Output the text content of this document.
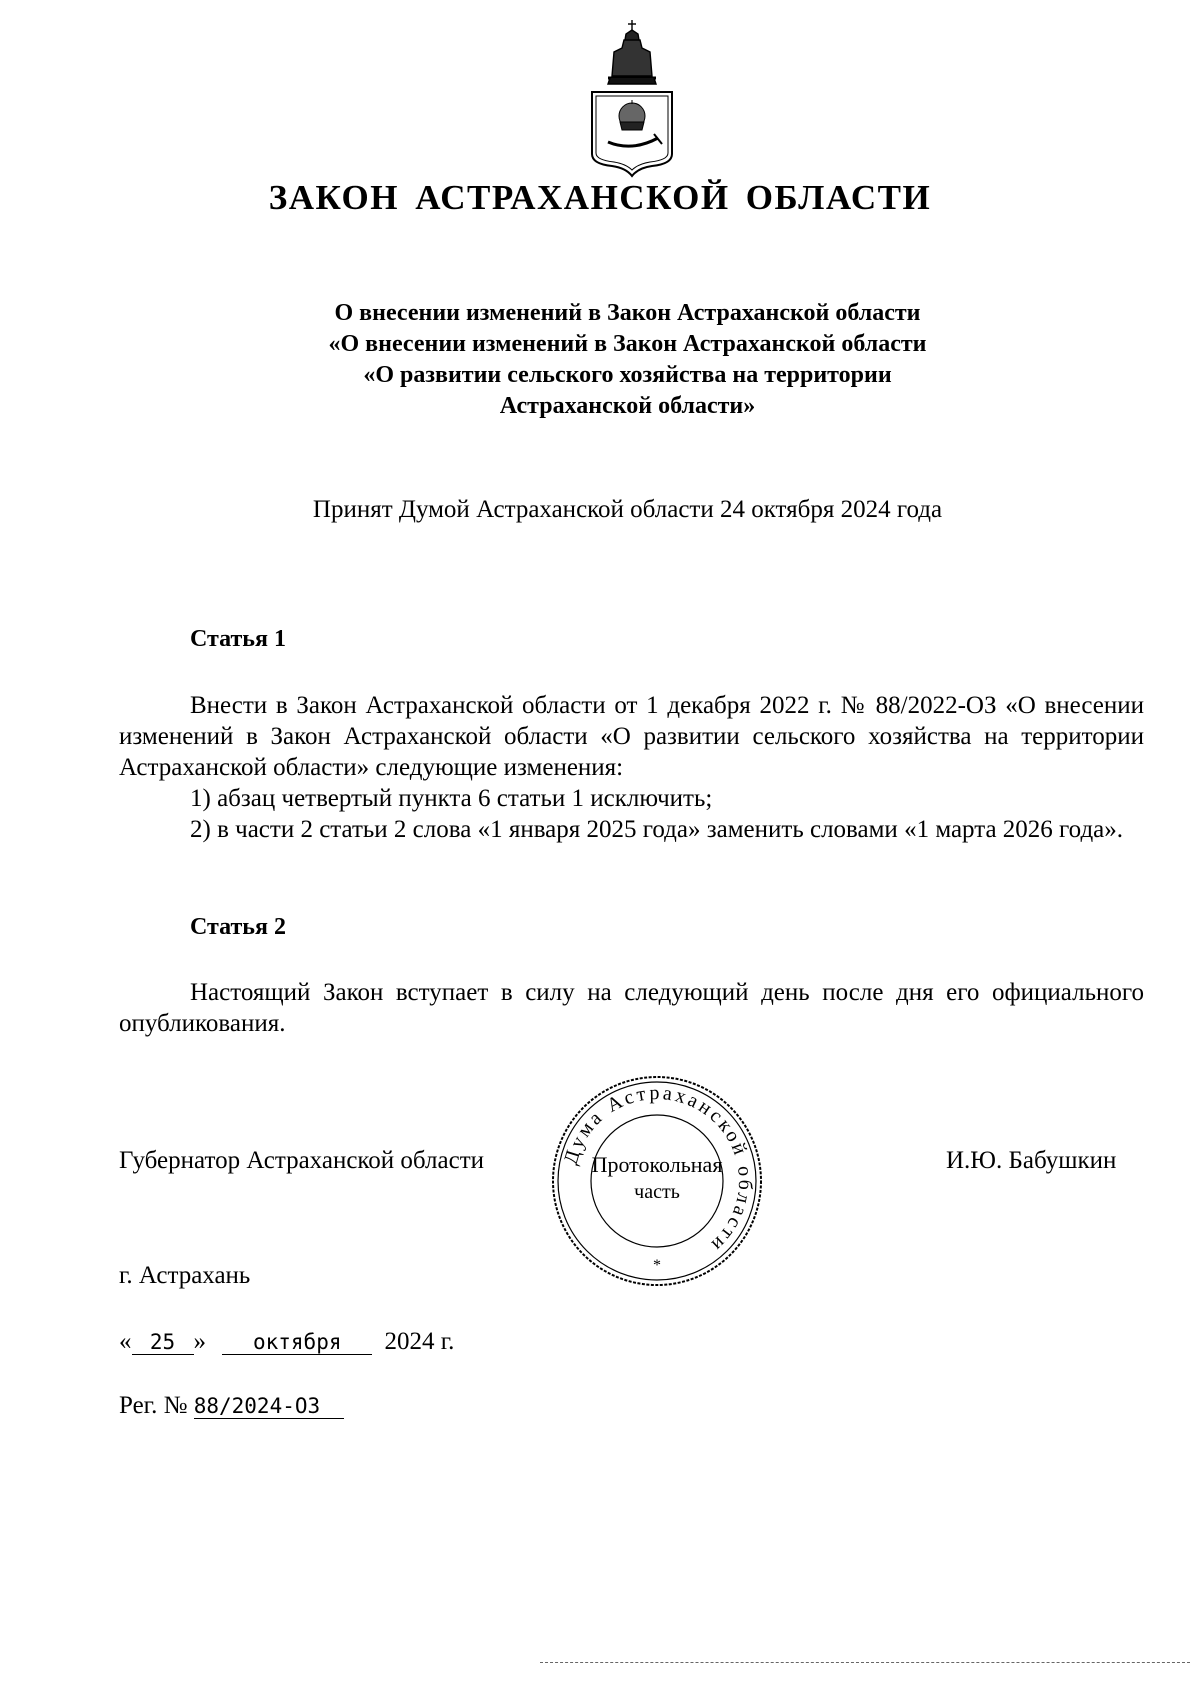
ЗАКОН АСТРАХАНСКОЙ ОБЛАСТИ
О внесении изменений в Закон Астраханской области
«О внесении изменений в Закон Астраханской области
«О развитии сельского хозяйства на территории
Астраханской области»
Принят Думой Астраханской области 24 октября 2024 года
Статья 1

Внести в Закон Астраханской области от 1 декабря 2022 г. № 88/2022-ОЗ «О внесении изменений в Закон Астраханской области «О развитии сельского хозяйства на территории Астраханской области» следующие изменения:

1) абзац четвертый пункта 6 статьи 1 исключить;

2) в части 2 статьи 2 слова «1 января 2025 года» заменить словами «1 марта 2026 года».

Статья 2

Настоящий Закон вступает в силу на следующий день после дня его официального опубликования.

Губернатор Астраханской области	И.Ю. Бабушкин
Дума Астраханской области
Протокольная
часть
*
г. Астрахань
« 25 » октября 2024 г.
Рег. № 88/2024-ОЗ
